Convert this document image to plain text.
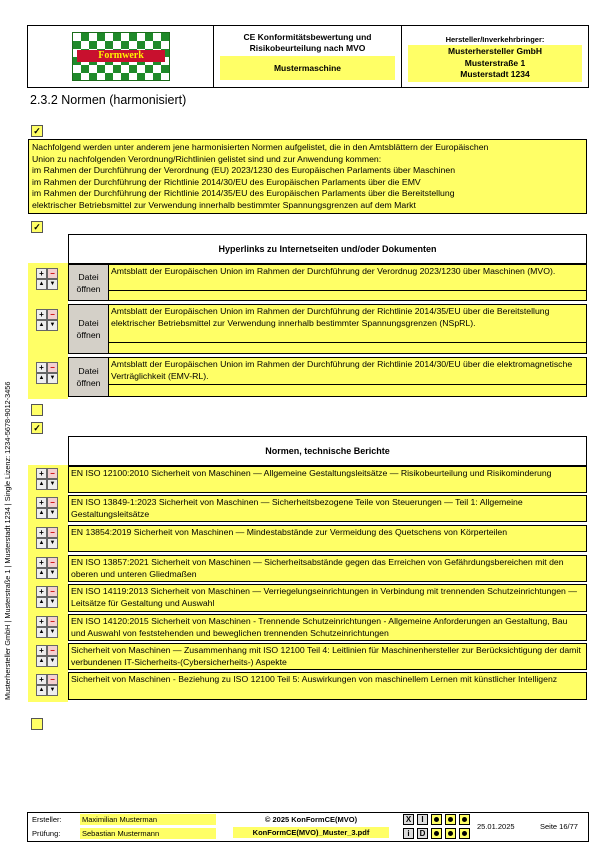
Formwerk
CE Konformitätsbewertung und Risikobeurteilung nach MVO
Mustermaschine
Hersteller/Inverkehrbringer:
Musterhersteller GmbH
Musterstraße 1
Musterstadt 1234
2.3.2 Normen (harmonisiert)
✓
Nachfolgend werden unter anderem jene harmonisierten Normen aufgelistet, die in den Amtsblättern der Europäischen
Union zu nachfolgenden Verordnung/Richtlinien gelistet sind und zur Anwendung kommen:
im Rahmen der Durchführung der Verordnung (EU) 2023/1230 des Europäischen Parlaments über Maschinen
im Rahmen der Durchführung der Richtlinie 2014/30/EU des Europäischen Parlaments über die EMV
im Rahmen der Durchführung der Richtlinie 2014/35/EU des Europäischen Parlaments über die Bereitstellung
elektrischer Betriebsmittel zur Verwendung innerhalb bestimmter Spannungsgrenzen auf dem Markt
✓
Hyperlinks zu Internetseiten und/oder Dokumenten
+ −
▲ ▼
Datei
öffnen
Amtsblatt der Europäischen Union im Rahmen der Durchführung der Verordnug 2023/1230 über Maschinen (MVO).
+ −
▲ ▼	Datei
öffnen
Amtsblatt der Europäischen Union im Rahmen der Durchführung der Richtlinie 2014/35/EU über die Bereitstellung elektrischer Betriebsmittel zur Verwendung innerhalb bestimmter Spannungsgrenzen (NSpRL).
+ −
▲ ▼
Datei
öffnen
Amtsblatt der Europäischen Union im Rahmen der Durchführung der Richtlinie 2014/30/EU über die elektromagnetische Verträglichkeit (EMV-RL).
✓
Normen, technische Berichte
+ −
▲ ▼
EN ISO 12100:2010 Sicherheit von Maschinen — Allgemeine Gestaltungsleitsätze — Risikobeurteilung und Risikominderung
+ −
▲ ▼
EN ISO 13849-1:2023 Sicherheit von Maschinen — Sicherheitsbezogene Teile von Steuerungen — Teil 1: Allgemeine Gestaltungsleitsätze
+ −
▲ ▼
EN 13854:2019 Sicherheit von Maschinen — Mindestabstände zur Vermeidung des Quetschens von Körperteilen
+ −
▲ ▼
EN ISO 13857:2021 Sicherheit von Maschinen — Sicherheitsabstände gegen das Erreichen von Gefährdungsbereichen mit den oberen und unteren Gliedmaßen
+ −
▲ ▼
EN ISO 14119:2013 Sicherheit von Maschinen — Verriegelungseinrichtungen in Verbindung mit trennenden Schutzeinrichtungen — Leitsätze für Gestaltung und Auswahl
+ −
▲ ▼
EN ISO 14120:2015 Sicherheit von Maschinen - Trennende Schutzeinrichtungen - Allgemeine Anforderungen an Gestaltung, Bau und Auswahl von feststehenden und beweglichen trennenden Schutzeinrichtungen
+ −
▲ ▼
Sicherheit von Maschinen — Zusammenhang mit ISO 12100 Teil 4: Leitlinien für Maschinenhersteller zur Berücksichtigung der damit verbundenen IT-Sicherheits-(Cybersicherheits-) Aspekte
+ −
▲ ▼
Sicherheit von Maschinen - Beziehung zu ISO 12100 Teil 5: Auswirkungen von maschinellem Lernen mit künstlicher Intelligenz
Musterhersteller GmbH | Musterstraße 1 | Musterstadt 1234 | Single Lizenz: 1234-5678-9012-3456
Ersteller:	Maximilian Musterman
Prüfung:	Sebastian Mustermann
© 2025 KonFormCE(MVO)
KonFormCE(MVO)_Muster_3.pdf
X	I
i	D
25.01.2025	Seite 16/77
